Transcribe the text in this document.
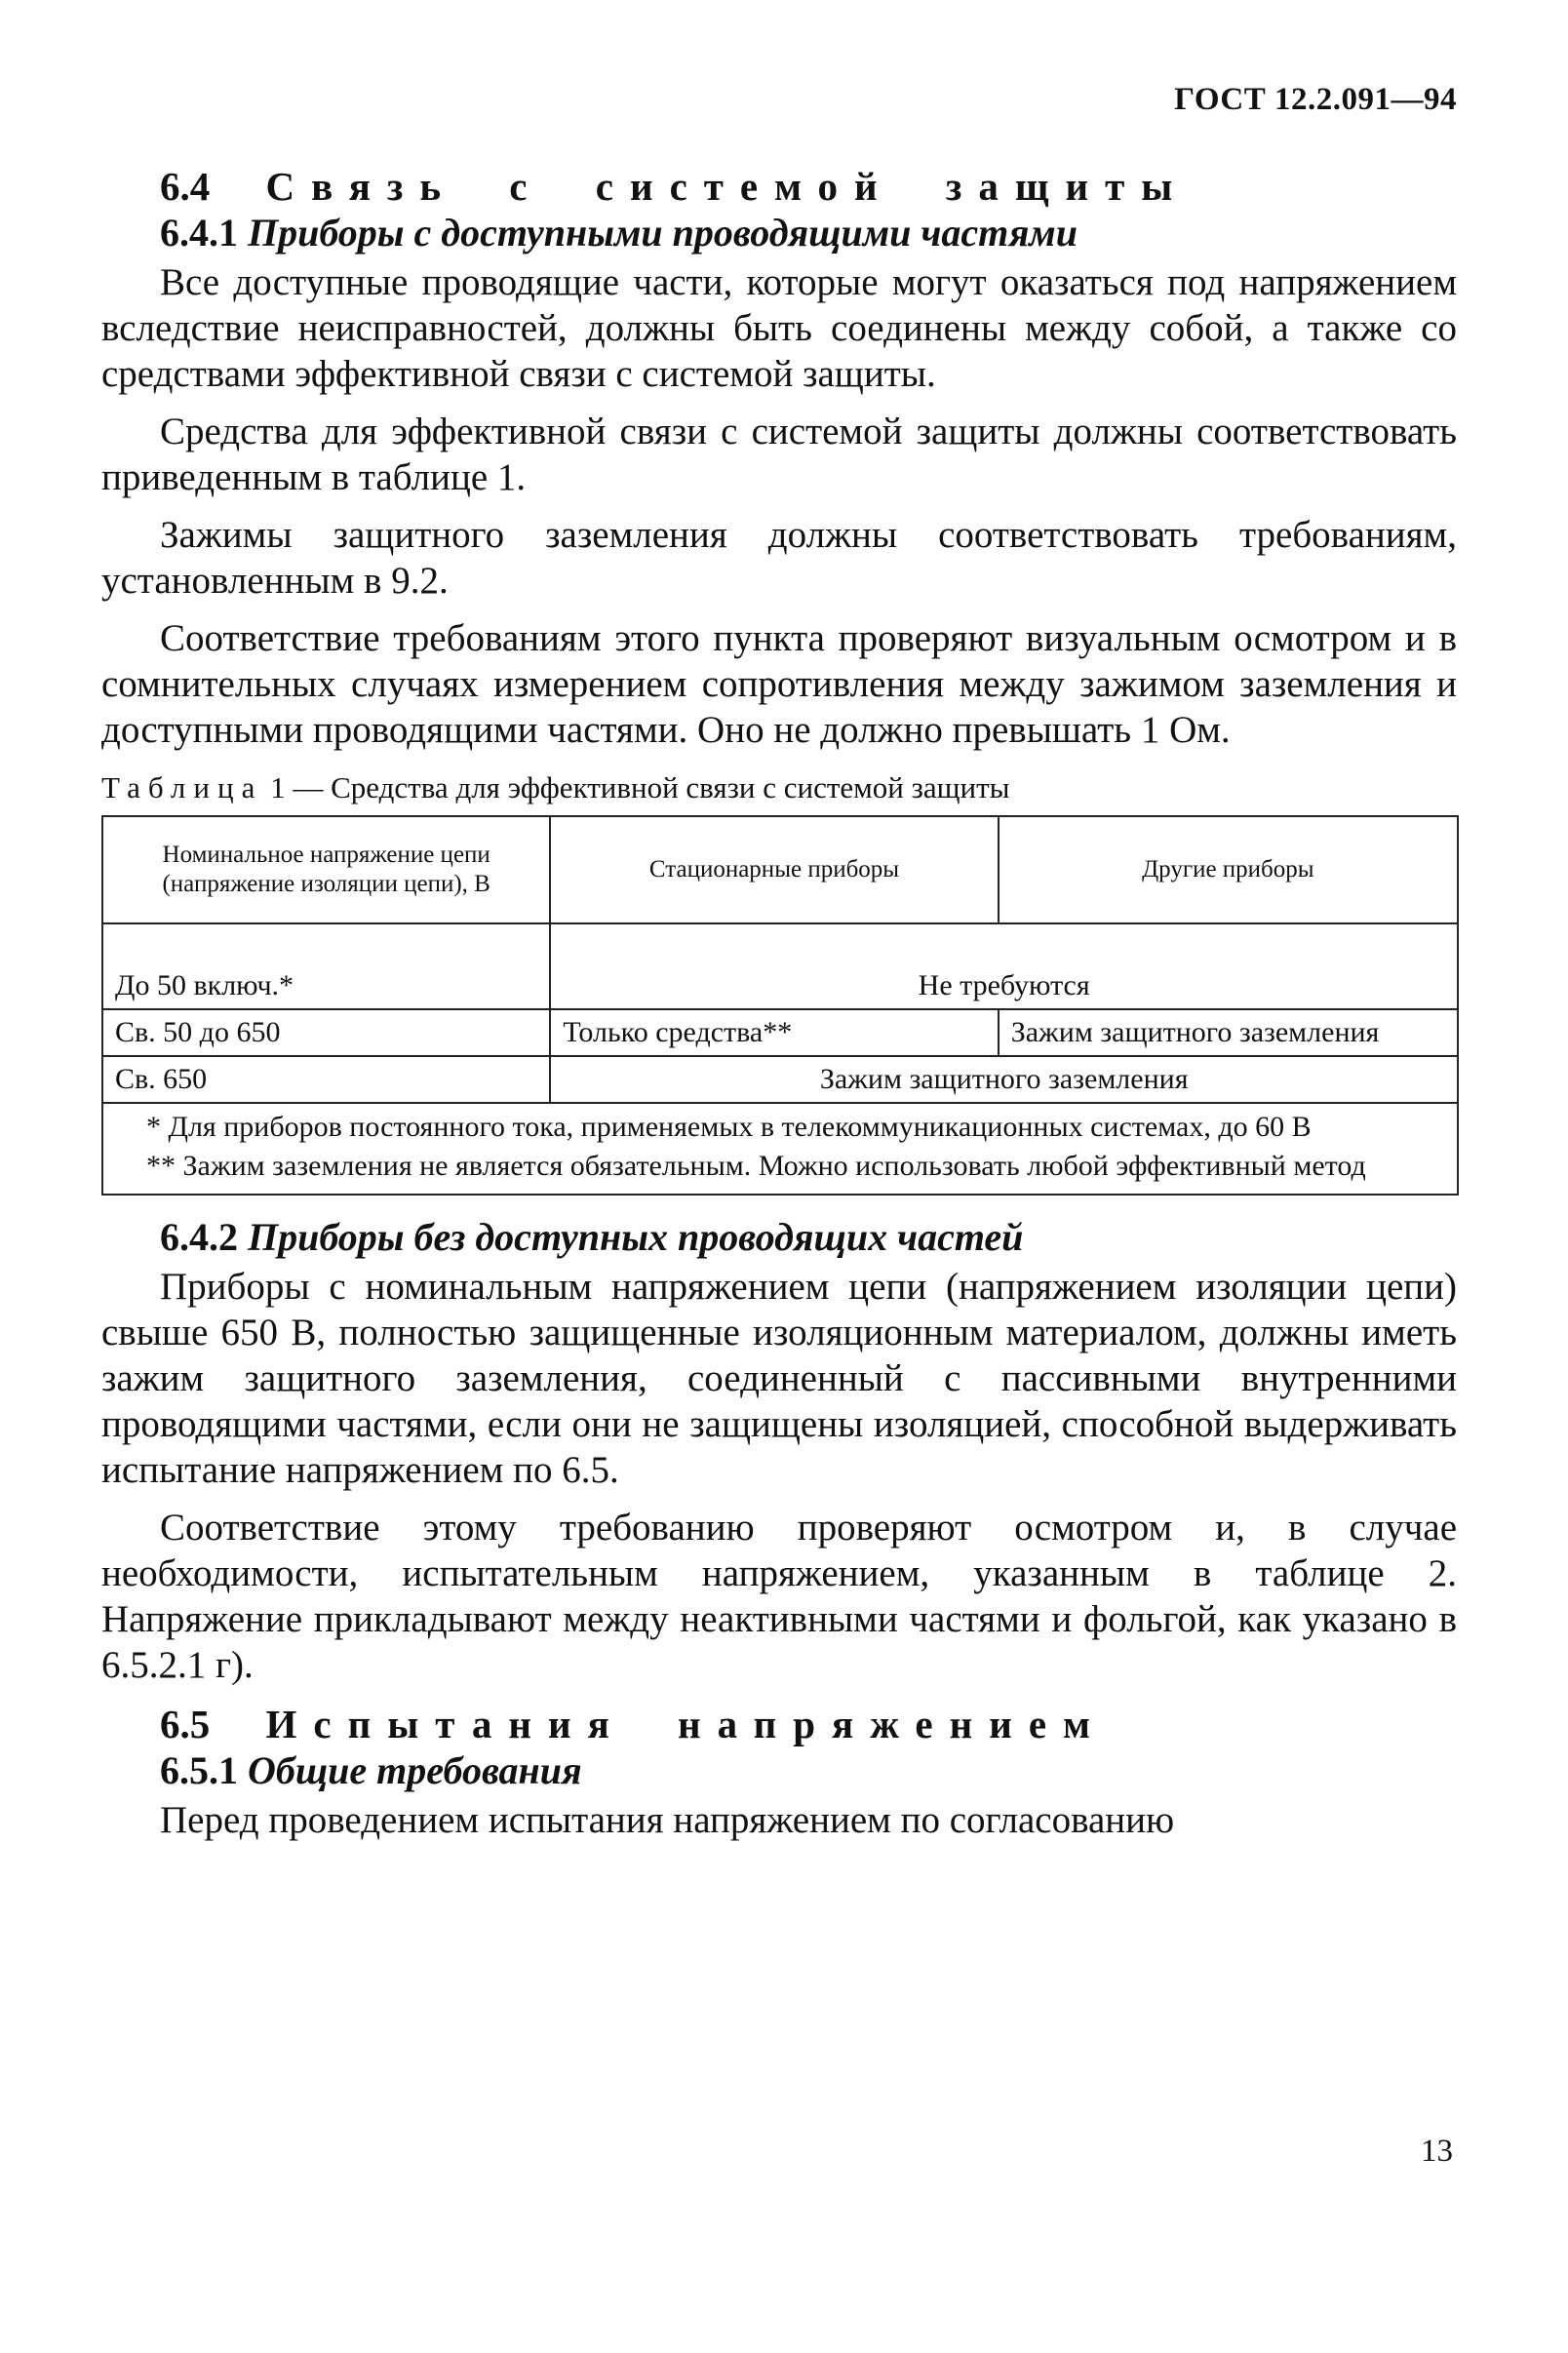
ГОСТ 12.2.091—94
6.4 Связь с системой защиты
6.4.1 Приборы с доступными проводящими частями

Все доступные проводящие части, которые могут оказаться под напряжением вследствие неисправностей, должны быть соединены между собой, а также со средствами эффективной связи с системой защиты.

Средства для эффективной связи с системой защиты должны соответствовать приведенным в таблице 1.

Зажимы защитного заземления должны соответствовать требованиям, установленным в 9.2.

Соответствие требованиям этого пункта проверяют визуальным осмотром и в сомнительных случаях измерением сопротивления между зажимом заземления и доступными проводящими частями. Оно не должно превышать 1 Ом.

Таблица 1 — Средства для эффективной связи с системой защиты
Номинальное напряжение цепи (напряжение изоляции цепи), В	Стационарные приборы	Другие приборы
До 50 включ.*	Не требуются	
Св. 50 до 650	Только средства**	Зажим защитного заземления
Св. 650	Зажим защитного заземления	

* Для приборов постоянного тока, применяемых в телекоммуникационных системах, до 60 В
** Зажим заземления не является обязательным. Можно использовать любой эффективный метод		
6.4.2 Приборы без доступных проводящих частей

Приборы с номинальным напряжением цепи (напряжением изоляции цепи) свыше 650 В, полностью защищенные изоляционным материалом, должны иметь зажим защитного заземления, соединенный с пассивными внутренними проводящими частями, если они не защищены изоляцией, способной выдерживать испытание напряжением по 6.5.

Соответствие этому требованию проверяют осмотром и, в случае необходимости, испытательным напряжением, указанным в таблице 2. Напряжение прикладывают между неактивными частями и фольгой, как указано в 6.5.2.1 г).

6.5 Испытания напряжением
6.5.1 Общие требования

Перед проведением испытания напряжением по согласованию

13
